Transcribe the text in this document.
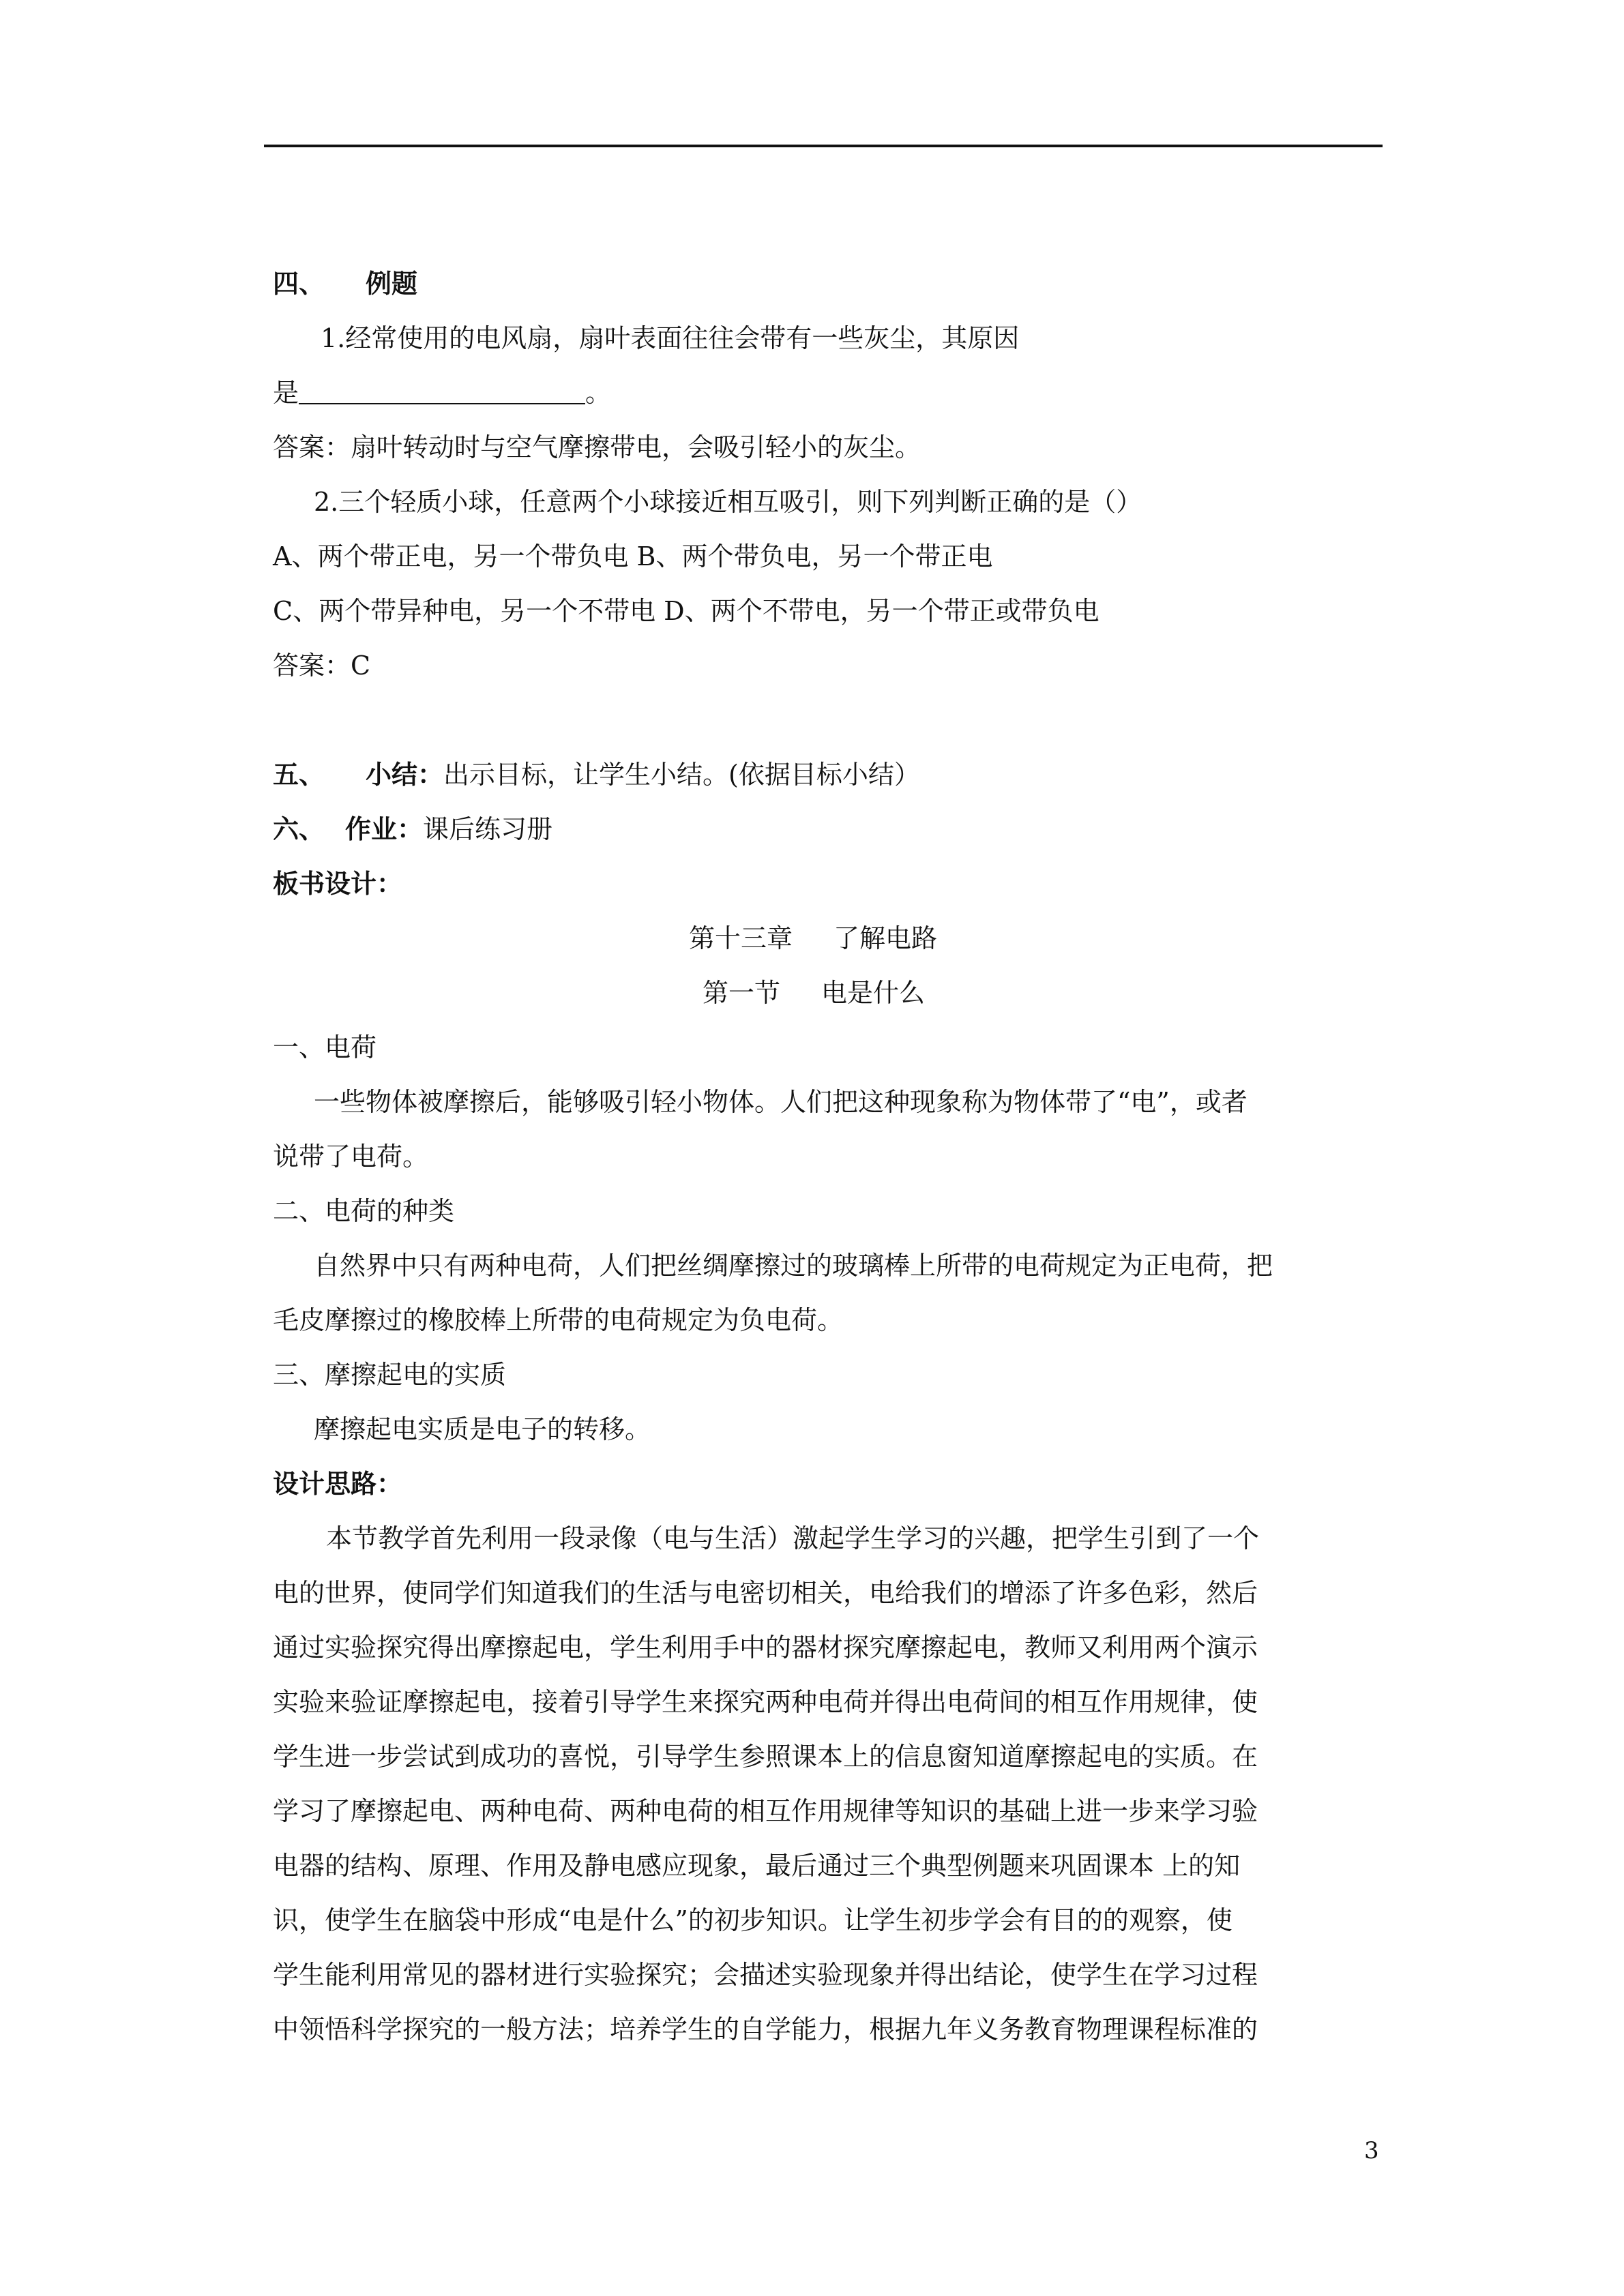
四、 例题
1.经常使用的电风扇，扇叶表面往往会带有一些灰尘，其原因
是	。
答案：扇叶转动时与空气摩擦带电，会吸引轻小的灰尘。
2.三个轻质小球，任意两个小球接近相互吸引，则下列判断正确的是（）
A、两个带正电，另一个带负电 B、两个带负电，另一个带正电
C、两个带异种电，另一个不带电 D、两个不带电，另一个带正或带负电
答案：C
五、 小结：出示目标，让学生小结。(依据目标小结）
六、 作业：课后练习册
板书设计：
第十三章 了解电路
第一节 电是什么
一、电荷
一些物体被摩擦后，能够吸引轻小物体。人们把这种现象称为物体带了“电”，或者
说带了电荷。
二、电荷的种类
自然界中只有两种电荷，人们把丝绸摩擦过的玻璃棒上所带的电荷规定为正电荷，把
毛皮摩擦过的橡胶棒上所带的电荷规定为负电荷。
三、摩擦起电的实质
摩擦起电实质是电子的转移。
设计思路：
本节教学首先利用一段录像（电与生活）激起学生学习的兴趣，把学生引到了一个
电的世界，使同学们知道我们的生活与电密切相关，电给我们的增添了许多色彩，然后
通过实验探究得出摩擦起电，学生利用手中的器材探究摩擦起电，教师又利用两个演示
实验来验证摩擦起电，接着引导学生来探究两种电荷并得出电荷间的相互作用规律，使
学生进一步尝试到成功的喜悦，引导学生参照课本上的信息窗知道摩擦起电的实质。在
学习了摩擦起电、两种电荷、两种电荷的相互作用规律等知识的基础上进一步来学习验
电器的结构、原理、作用及静电感应现象，最后通过三个典型例题来巩固课本 上的知
识，使学生在脑袋中形成“电是什么”的初步知识。让学生初步学会有目的的观察，使
学生能利用常见的器材进行实验探究；会描述实验现象并得出结论，使学生在学习过程
中领悟科学探究的一般方法；培养学生的自学能力，根据九年义务教育物理课程标准的
3
